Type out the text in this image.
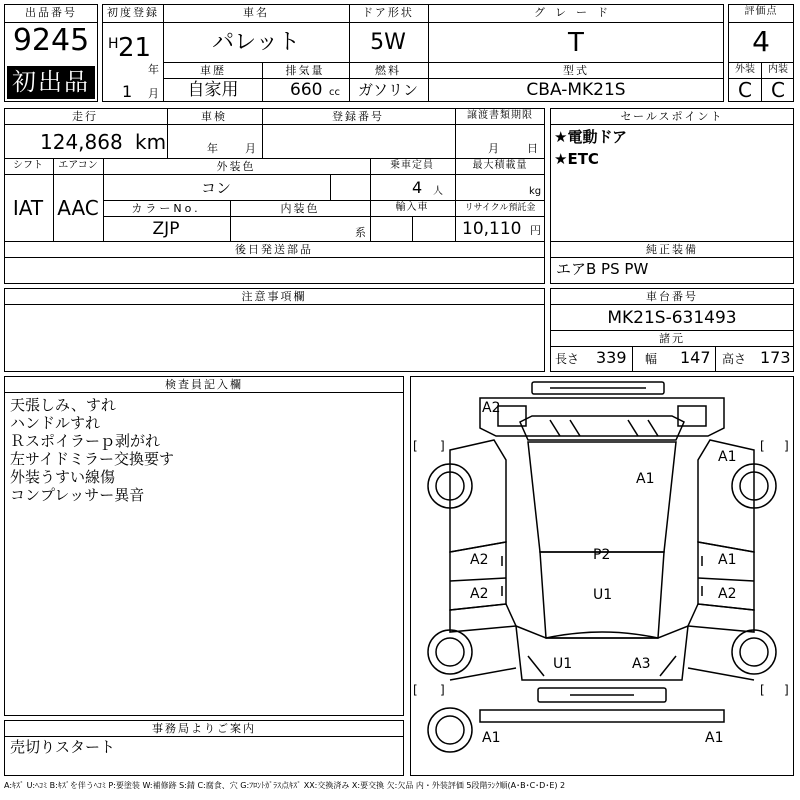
出品番号
9245
初出品
初度登録
H 21
年
1 月
車名
パレット
ドア形状
5W
グレード
T
車歴
自家用
排気量
660 cc
燃料
ガソリン
型式
CBA-MK21S
評価点
4
外装 内装
C C
走行
124,868 km
車検
年 月
登録番号	譲渡書類期限
月	日
シフト
IAT
エアコン
AAC
外装色
コン
乗車定員
4 人
最大積載量
kg
カラーNo.
ZJP
内装色
系
輸入車	リサイクル預託金
10,110 円
後日発送部品
セールスポイント
★電動ドア
★ETC
純正装備
エアB PS PW
注意事項欄	車台番号
MK21S-631493
諸元
長さ 339 幅 147 高さ 173
検査員記入欄
天張しみ、すれ
ハンドルすれ
Ｒスポイラーｐ剥がれ
左サイドミラー交換要す
外装うすい線傷
コンプレッサー異音
A2
A1
A1
A2	A1
A2	A2
P2
U1
U1	A3
A1	A1
[ ]	[ ]
[ ]	[ ]
事務局よりご案内
売切りスタート
A:ｷｽﾞ U:ﾍｺﾐ B:ｷｽﾞを伴うﾍｺﾐ P:要塗装 W:補修跡 S:錆 C:腐食、穴 G:ﾌﾛﾝﾄｶﾞﾗｽ点ｷｽﾞ XX:交換済み X:要交換 欠:欠品 内・外装評価 5段階ﾗﾝｸ順(A･B･C･D･E) 2
